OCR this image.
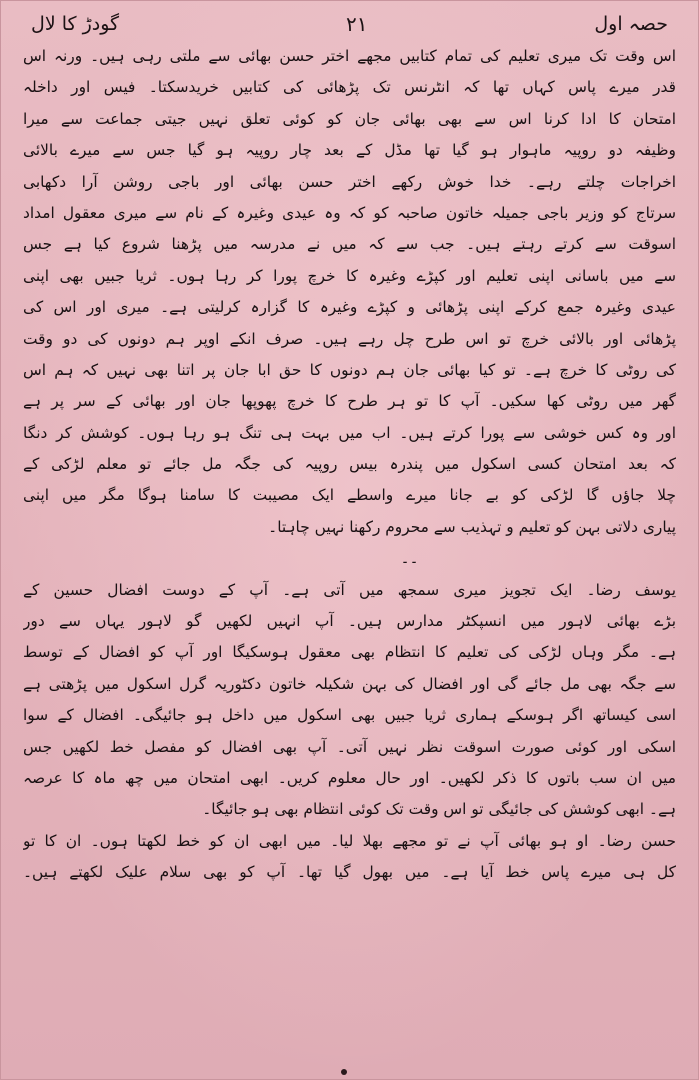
حصہ اول
۲۱
گودڑ کا لال
اس وقت تک میری تعلیم کی تمام کتابیں مجھے اختر حسن بھائی سے ملتی رہی ہیں۔ ورنہ اس
قدر میرے پاس کہاں تھا کہ انٹرنس تک پڑھائی کی کتابیں خریدسکتا۔ فیس اور داخلہ
امتحان کا ادا کرنا اس سے بھی بھائی جان کو کوئی تعلق نہیں جیتی جماعت سے میرا
وظیفہ دو روپیہ ماہوار ہو گیا تھا مڈل کے بعد چار روپیہ ہو گیا جس سے میرے بالائی
اخراجات چلتے رہے۔ خدا خوش رکھے اختر حسن بھائی اور باجی روشن آرا دکھابی
سرتاج کو وزیر باجی جمیلہ خاتون صاحبہ کو کہ وہ عیدی وغیرہ کے نام سے میری معقول امداد
اسوقت سے کرتے رہتے ہیں۔ جب سے کہ میں نے مدرسہ میں پڑھنا شروع کیا ہے جس
سے میں باسانی اپنی تعلیم اور کپڑے وغیرہ کا خرچ پورا کر رہا ہوں۔ ثریا جبیں بھی اپنی
عیدی وغیرہ جمع کرکے اپنی پڑھائی و کپڑے وغیرہ کا گزارہ کرلیتی ہے۔ میری اور اس کی
پڑھائی اور بالائی خرچ تو اس طرح چل رہے ہیں۔ صرف انکے اوپر ہم دونوں کی دو وقت
کی روٹی کا خرچ ہے۔ تو کیا بھائی جان ہم دونوں کا حق ابا جان پر اتنا بھی نہیں کہ ہم اس
گھر میں روٹی کھا سکیں۔ آپ کا تو ہر طرح کا خرچ پھوپھا جان اور بھائی کے سر پر ہے
اور وہ کس خوشی سے پورا کرتے ہیں۔ اب میں بہت ہی تنگ ہو رہا ہوں۔ کوشش کر دنگا
کہ بعد امتحان کسی اسکول میں پندرہ بیس روپیہ کی جگہ مل جائے تو معلم لڑکی کے
چلا جاؤں گا لڑکی کو بے جانا میرے واسطے ایک مصیبت کا سامنا ہوگا مگر میں اپنی
پیاری دلاتی بہن کو تعلیم و تہذیب سے محروم رکھنا نہیں چاہتا۔
۔۔
یوسف رضا۔ ایک تجویز میری سمجھ میں آتی ہے۔ آپ کے دوست افضال حسین کے
بڑے بھائی لاہور میں انسپکٹر مدارس ہیں۔ آپ انہیں لکھیں گو لاہور یہاں سے دور
ہے۔ مگر وہاں لڑکی کی تعلیم کا انتظام بھی معقول ہوسکیگا اور آپ کو افضال کے توسط
سے جگہ بھی مل جائے گی اور افضال کی بہن شکیلہ خاتون دکٹوریہ گرل اسکول میں پڑھتی ہے
اسی کیساتھ اگر ہوسکے ہماری ثریا جبیں بھی اسکول میں داخل ہو جائیگی۔ افضال کے سوا
اسکی اور کوئی صورت اسوقت نظر نہیں آتی۔ آپ بھی افضال کو مفصل خط لکھیں جس
میں ان سب باتوں کا ذکر لکھیں۔ اور حال معلوم کریں۔ ابھی امتحان میں چھ ماہ کا عرصہ
ہے۔ ابھی کوشش کی جائیگی تو اس وقت تک کوئی انتظام بھی ہو جائیگا۔
حسن رضا۔ او ہو بھائی آپ نے تو مجھے بھلا لیا۔ میں ابھی ان کو خط لکھتا ہوں۔ ان کا تو
کل ہی میرے پاس خط آیا ہے۔ میں بھول گیا تھا۔ آپ کو بھی سلام علیک لکھتے ہیں۔
